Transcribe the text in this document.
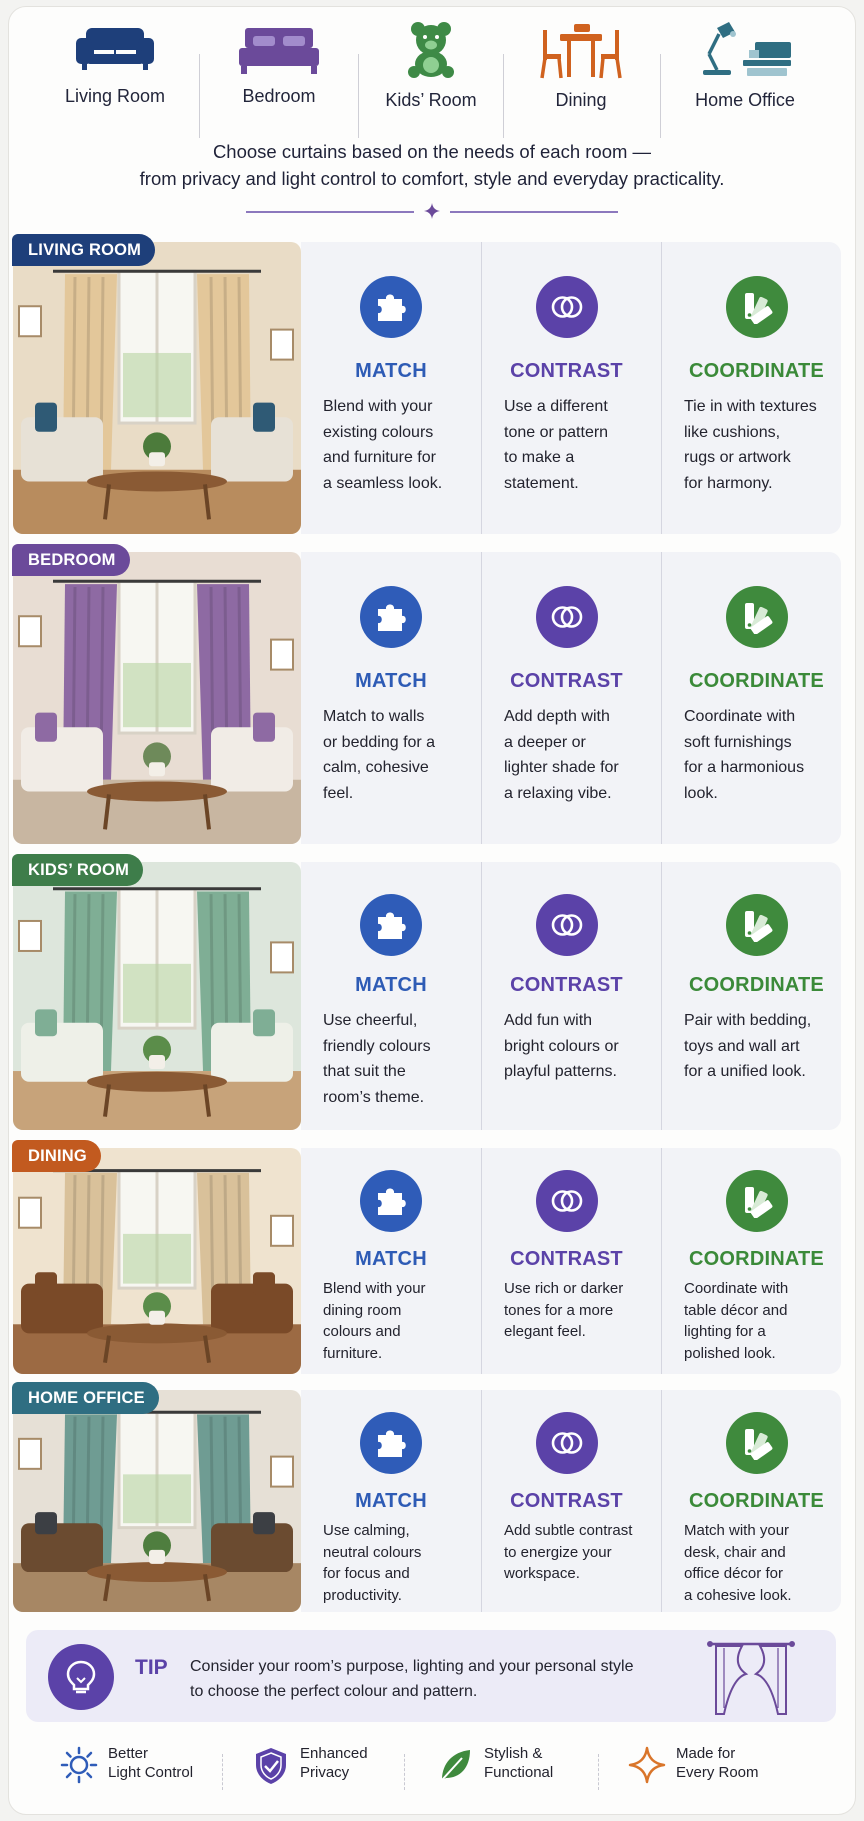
Living Room	Bedroom	Kids’ Room	Dining	Home Office
Choose curtains based on the needs of each room —
from privacy and light control to comfort, style and everyday practicality.
LIVING ROOM
MATCH
Blend with your
existing colours
and furniture for
a seamless look.
CONTRAST
Use a different
tone or pattern
to make a
statement.
COORDINATE
Tie in with textures
like cushions,
rugs or artwork
for harmony.
BEDROOM
MATCH
Match to walls
or bedding for a
calm, cohesive
feel.
CONTRAST
Add depth with
a deeper or
lighter shade for
a relaxing vibe.
COORDINATE
Coordinate with
soft furnishings
for a harmonious
look.
KIDS’ ROOM
MATCH
Use cheerful,
friendly colours
that suit the
room’s theme.
CONTRAST
Add fun with
bright colours or
playful patterns.
COORDINATE
Pair with bedding,
toys and wall art
for a unified look.
DINING
MATCH
Blend with your
dining room
colours and
furniture.
CONTRAST
Use rich or darker
tones for a more
elegant feel.
COORDINATE
Coordinate with
table décor and
lighting for a
polished look.
HOME OFFICE
MATCH
Use calming,
neutral colours
for focus and
productivity.
CONTRAST
Add subtle contrast
to energize your
workspace.
COORDINATE
Match with your
desk, chair and
office décor for
a cohesive look.
TIP Consider your room’s purpose, lighting and your personal style
to choose the perfect colour and pattern.
Better
Light Control
Enhanced
Privacy
Stylish &
Functional
Made for
Every Room
